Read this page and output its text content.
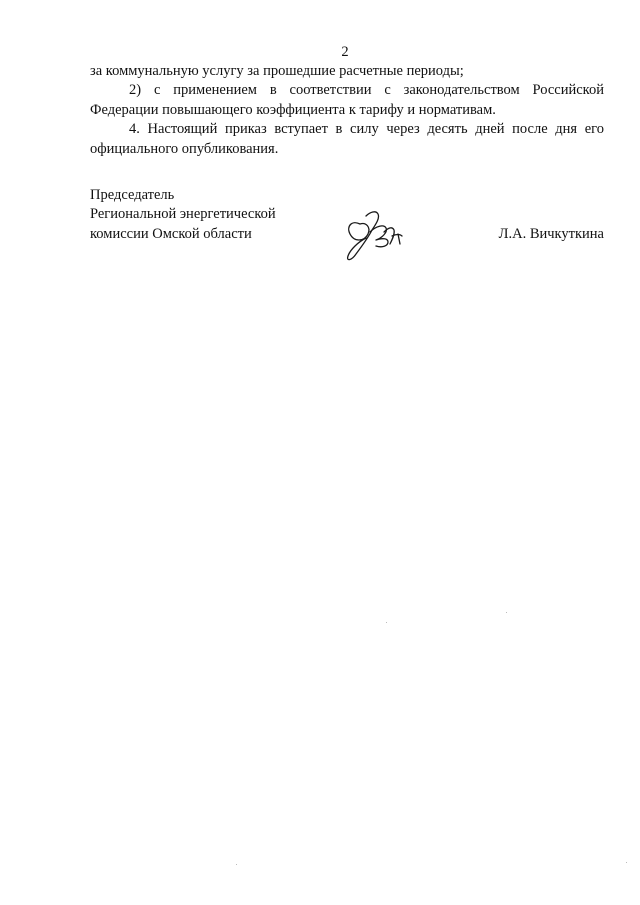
2

за коммунальную услугу за прошедшие расчетные периоды;

2) с применением в соответствии с законодательством Российской Федерации повышающего коэффициента к тарифу и нормативам.

4. Настоящий приказ вступает в силу через десять дней после дня его официального опубликования.

Председатель
Региональной энергетической
комиссии Омской области	Л.А. Вичкуткина
